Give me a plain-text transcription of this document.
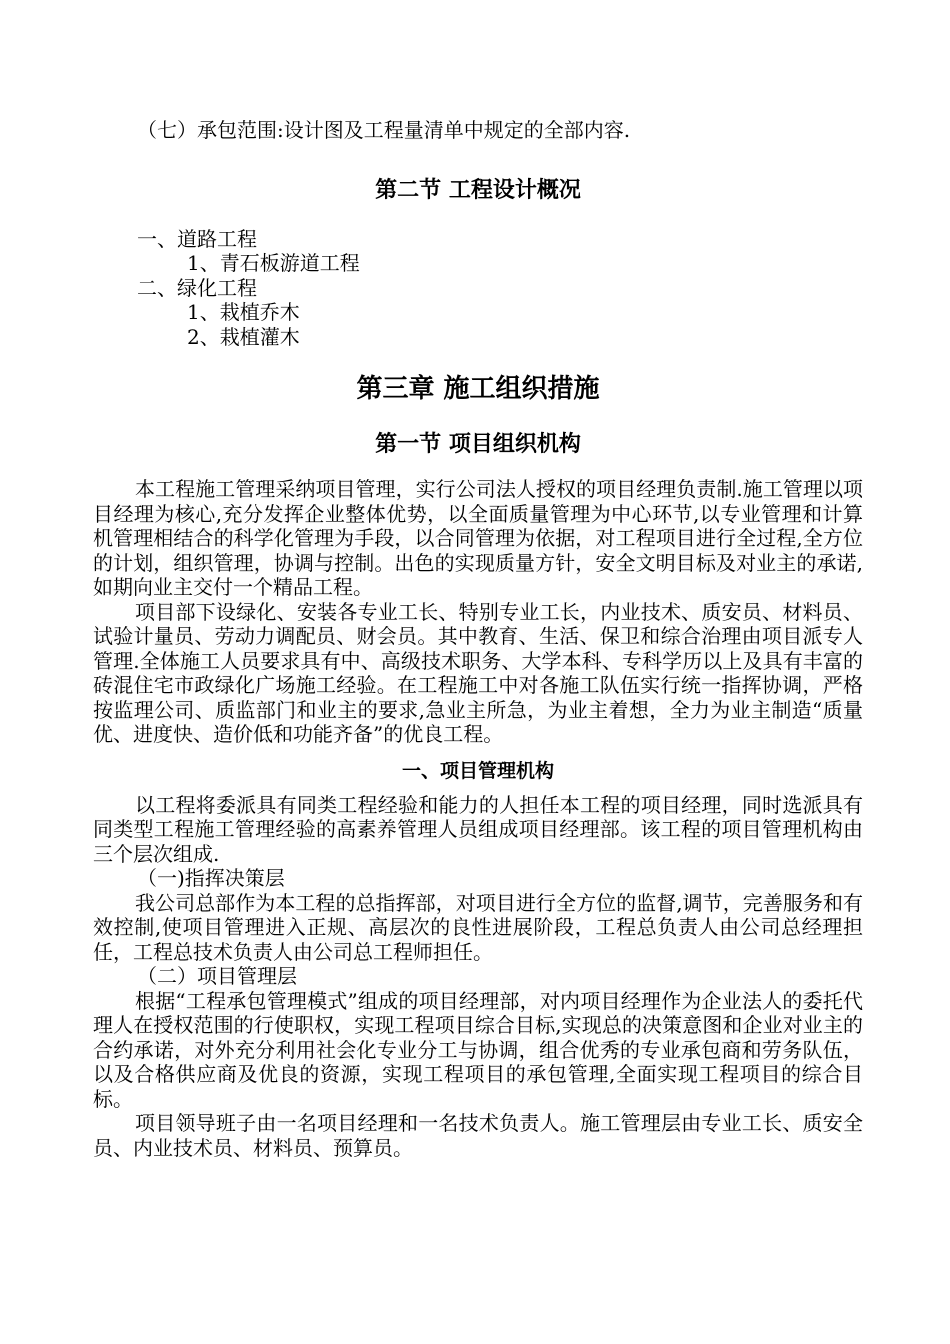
（七）承包范围:设计图及工程量清单中规定的全部内容.
第二节 工程设计概况
一、道路工程
1、青石板游道工程
二、绿化工程
1、栽植乔木
2、栽植灌木
第三章 施工组织措施
第一节 项目组织机构

本工程施工管理采纳项目管理，实行公司法人授权的项目经理负责制.施工管理以项目经理为核心,充分发挥企业整体优势，以全面质量管理为中心环节,以专业管理和计算机管理相结合的科学化管理为手段，以合同管理为依据，对工程项目进行全过程,全方位的计划，组织管理，协调与控制。出色的实现质量方针，安全文明目标及对业主的承诺,如期向业主交付一个精品工程。

项目部下设绿化、安装各专业工长、特别专业工长，内业技术、质安员、材料员、试验计量员、劳动力调配员、财会员。其中教育、生活、保卫和综合治理由项目派专人管理.全体施工人员要求具有中、高级技术职务、大学本科、专科学历以上及具有丰富的砖混住宅市政绿化广场施工经验。在工程施工中对各施工队伍实行统一指挥协调，严格按监理公司、质监部门和业主的要求,急业主所急，为业主着想，全力为业主制造“质量优、进度快、造价低和功能齐备”的优良工程。

一、项目管理机构

以工程将委派具有同类工程经验和能力的人担任本工程的项目经理，同时选派具有同类型工程施工管理经验的高素养管理人员组成项目经理部。该工程的项目管理机构由三个层次组成.

（一)指挥决策层

我公司总部作为本工程的总指挥部，对项目进行全方位的监督,调节，完善服务和有效控制,使项目管理进入正规、高层次的良性进展阶段，工程总负责人由公司总经理担任，工程总技术负责人由公司总工程师担任。

（二）项目管理层

根据“工程承包管理模式”组成的项目经理部，对内项目经理作为企业法人的委托代理人在授权范围的行使职权，实现工程项目综合目标,实现总的决策意图和企业对业主的合约承诺，对外充分利用社会化专业分工与协调，组合优秀的专业承包商和劳务队伍，以及合格供应商及优良的资源，实现工程项目的承包管理,全面实现工程项目的综合目标。

项目领导班子由一名项目经理和一名技术负责人。施工管理层由专业工长、质安全员、内业技术员、材料员、预算员。
